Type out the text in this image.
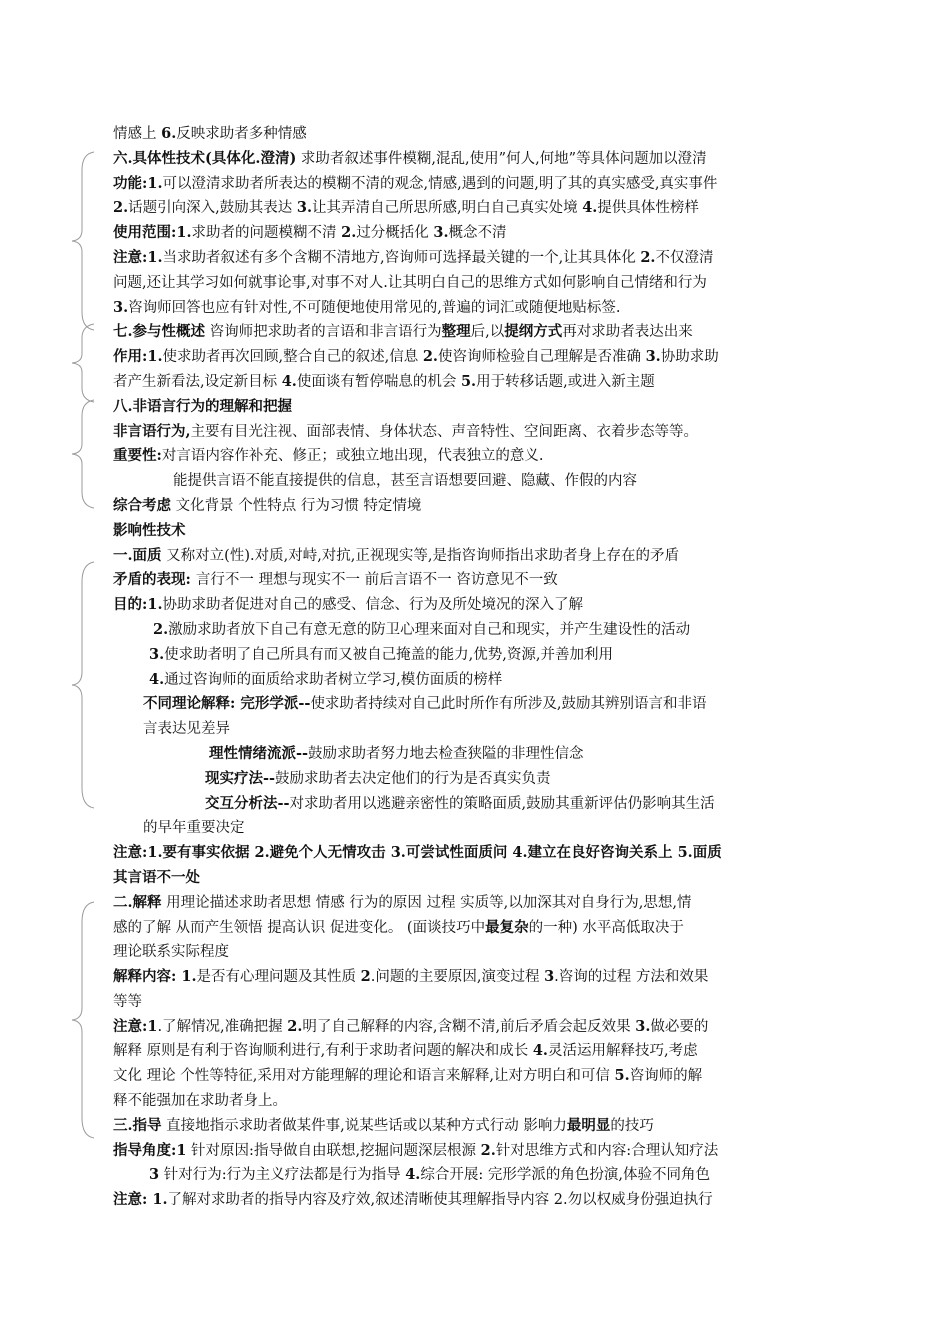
情感上 6.反映求助者多种情感
六.具体性技术(具体化.澄清) 求助者叙述事件模糊,混乱,使用”何人,何地”等具体问题加以澄清
功能:1.可以澄清求助者所表达的模糊不清的观念,情感,遇到的问题,明了其的真实感受,真实事件
2.话题引向深入,鼓励其表达 3.让其弄清自己所思所感,明白自己真实处境 4.提供具体性榜样
使用范围:1.求助者的问题模糊不清 2.过分概括化 3.概念不清
注意:1.当求助者叙述有多个含糊不清地方,咨询师可选择最关键的一个,让其具体化 2.不仅澄清
问题,还让其学习如何就事论事,对事不对人.让其明白自己的思维方式如何影响自己情绪和行为
3.咨询师回答也应有针对性,不可随便地使用常见的,普遍的词汇或随便地贴标签.
七.参与性概述 咨询师把求助者的言语和非言语行为整理后,以提纲方式再对求助者表达出来
作用:1.使求助者再次回顾,整合自己的叙述,信息 2.使咨询师检验自己理解是否准确 3.协助求助
者产生新看法,设定新目标 4.使面谈有暂停喘息的机会 5.用于转移话题,或进入新主题
八.非语言行为的理解和把握
非言语行为,主要有目光注视、面部表情、身体状态、声音特性、空间距离、衣着步态等等。
重要性:对言语内容作补充、修正；或独立地出现，代表独立的意义.
能提供言语不能直接提供的信息，甚至言语想要回避、隐藏、作假的内容
综合考虑 文化背景 个性特点 行为习惯 特定情境
影响性技术
一.面质 又称对立(性).对质,对峙,对抗,正视现实等,是指咨询师指出求助者身上存在的矛盾
矛盾的表现: 言行不一 理想与现实不一 前后言语不一 咨访意见不一致
目的:1.协助求助者促进对自己的感受、信念、行为及所处境况的深入了解
2.激励求助者放下自己有意无意的防卫心理来面对自己和现实，并产生建设性的活动
3.使求助者明了自己所具有而又被自己掩盖的能力,优势,资源,并善加利用
4.通过咨询师的面质给求助者树立学习,模仿面质的榜样
不同理论解释: 完形学派--使求助者持续对自己此时所作有所涉及,鼓励其辨别语言和非语
言表达见差异
理性情绪流派--鼓励求助者努力地去检查狭隘的非理性信念
现实疗法--鼓励求助者去决定他们的行为是否真实负责
交互分析法--对求助者用以逃避亲密性的策略面质,鼓励其重新评估仍影响其生活
的早年重要决定
注意:1.要有事实依据 2.避免个人无情攻击 3.可尝试性面质问 4.建立在良好咨询关系上 5.面质
其言语不一处
二.解释 用理论描述求助者思想 情感 行为的原因 过程 实质等,以加深其对自身行为,思想,情
感的了解 从而产生领悟 提高认识 促进变化。 (面谈技巧中最复杂的一种) 水平高低取决于
理论联系实际程度
解释内容: 1.是否有心理问题及其性质 2.问题的主要原因,演变过程 3.咨询的过程 方法和效果
等等
注意:1.了解情况,准确把握 2.明了自己解释的内容,含糊不清,前后矛盾会起反效果 3.做必要的
解释 原则是有利于咨询顺利进行,有利于求助者问题的解决和成长 4.灵活运用解释技巧,考虑
文化 理论 个性等特征,采用对方能理解的理论和语言来解释,让对方明白和可信 5.咨询师的解
释不能强加在求助者身上。
三.指导 直接地指示求助者做某件事,说某些话或以某种方式行动 影响力最明显的技巧
指导角度:1 针对原因:指导做自由联想,挖掘问题深层根源 2.针对思维方式和内容:合理认知疗法
3 针对行为:行为主义疗法都是行为指导 4.综合开展: 完形学派的角色扮演,体验不同角色
注意: 1.了解对求助者的指导内容及疗效,叙述清晰使其理解指导内容 2.勿以权威身份强迫执行
